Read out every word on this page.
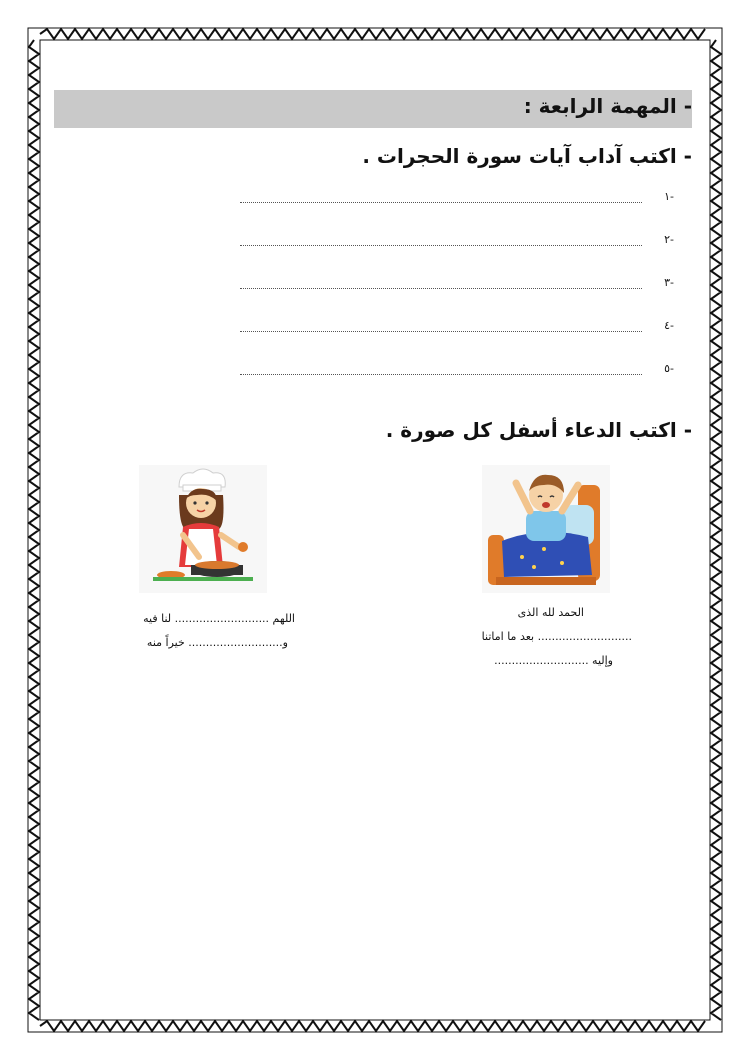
- المهمة الرابعة :
- اكتب آداب آيات سورة الحجرات .
-١
-٢
-٣
-٤
-٥
- اكتب الدعاء أسفل كل صورة .
الحمد لله الذى
........................... بعد ما اماتنا
وإليه ...........................
اللهم ........................... لنا فيه
و........................... خيراً منه
